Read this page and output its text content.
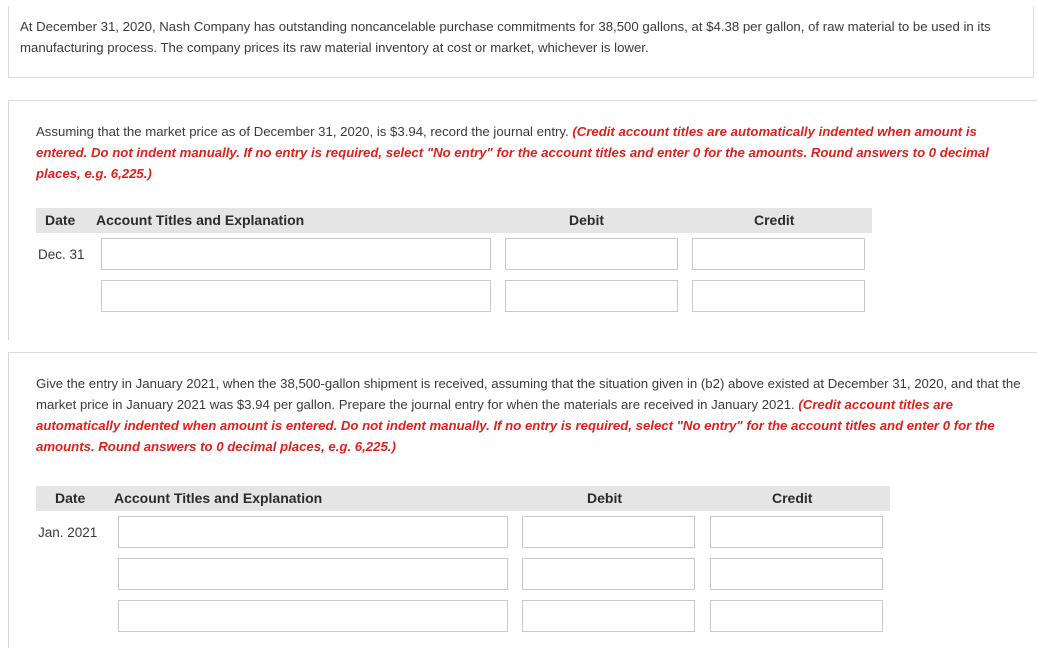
At December 31, 2020, Nash Company has outstanding noncancelable purchase commitments for 38,500 gallons, at $4.38 per gallon, of raw material to be used in its manufacturing process. The company prices its raw material inventory at cost or market, whichever is lower.
Assuming that the market price as of December 31, 2020, is $3.94, record the journal entry. (Credit account titles are automatically indented when amount is entered. Do not indent manually. If no entry is required, select "No entry" for the account titles and enter 0 for the amounts. Round answers to 0 decimal places, e.g. 6,225.)
Date Account Titles and Explanation	Debit	Credit
Dec. 31
Give the entry in January 2021, when the 38,500-gallon shipment is received, assuming that the situation given in (b2) above existed at December 31, 2020, and that the market price in January 2021 was $3.94 per gallon. Prepare the journal entry for when the materials are received in January 2021. (Credit account titles are automatically indented when amount is entered. Do not indent manually. If no entry is required, select "No entry" for the account titles and enter 0 for the amounts. Round answers to 0 decimal places, e.g. 6,225.)
Date Account Titles and Explanation	Debit	Credit
Jan. 2021
